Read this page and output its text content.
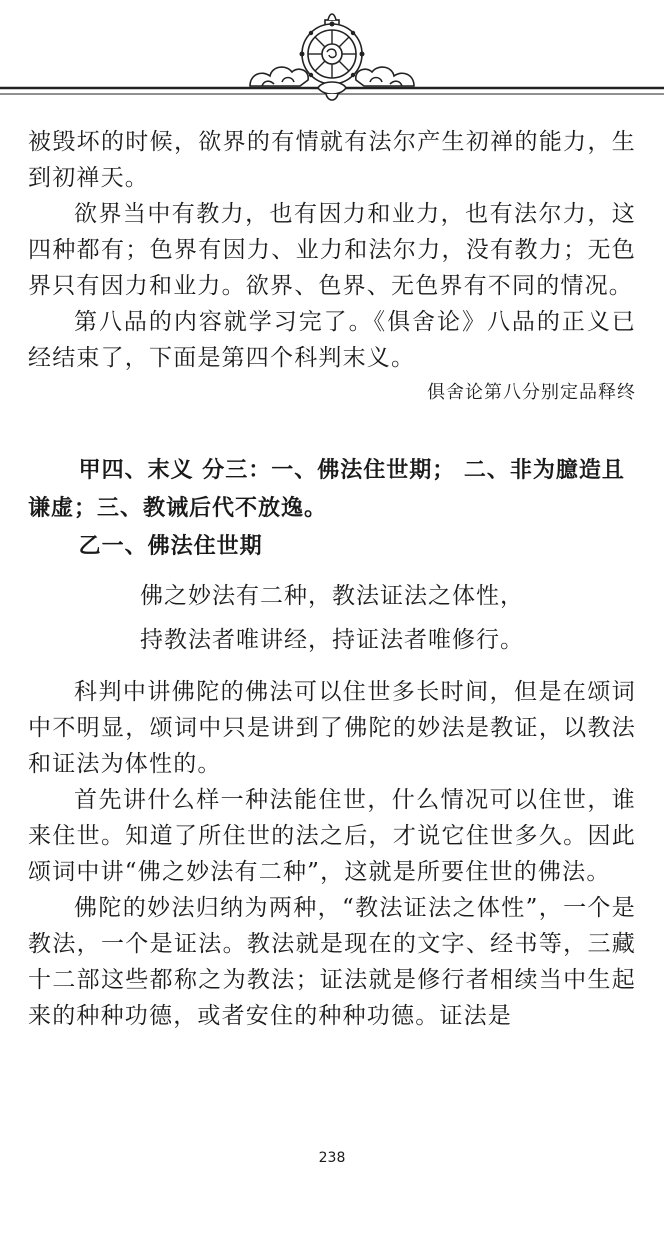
被毁坏的时候，欲界的有情就有法尔产生初禅的能力，生到初禅天。

欲界当中有教力，也有因力和业力，也有法尔力，这四种都有；色界有因力、业力和法尔力，没有教力；无色界只有因力和业力。欲界、色界、无色界有不同的情况。

第八品的内容就学习完了。《俱舍论》八品的正义已经结束了，下面是第四个科判末义。

俱舍论第八分别定品释终
甲四、末义 分三：一、佛法住世期； 二、非为臆造且谦虚；三、教诫后代不放逸。
乙一、佛法住世期
佛之妙法有二种，教法证法之体性，
持教法者唯讲经，持证法者唯修行。

科判中讲佛陀的佛法可以住世多长时间，但是在颂词中不明显，颂词中只是讲到了佛陀的妙法是教证，以教法和证法为体性的。

首先讲什么样一种法能住世，什么情况可以住世，谁来住世。知道了所住世的法之后，才说它住世多久。因此颂词中讲“佛之妙法有二种”，这就是所要住世的佛法。

佛陀的妙法归纳为两种，“教法证法之体性”，一个是教法，一个是证法。教法就是现在的文字、经书等，三藏十二部这些都称之为教法；证法就是修行者相续当中生起来的种种功德，或者安住的种种功德。证法是

238
